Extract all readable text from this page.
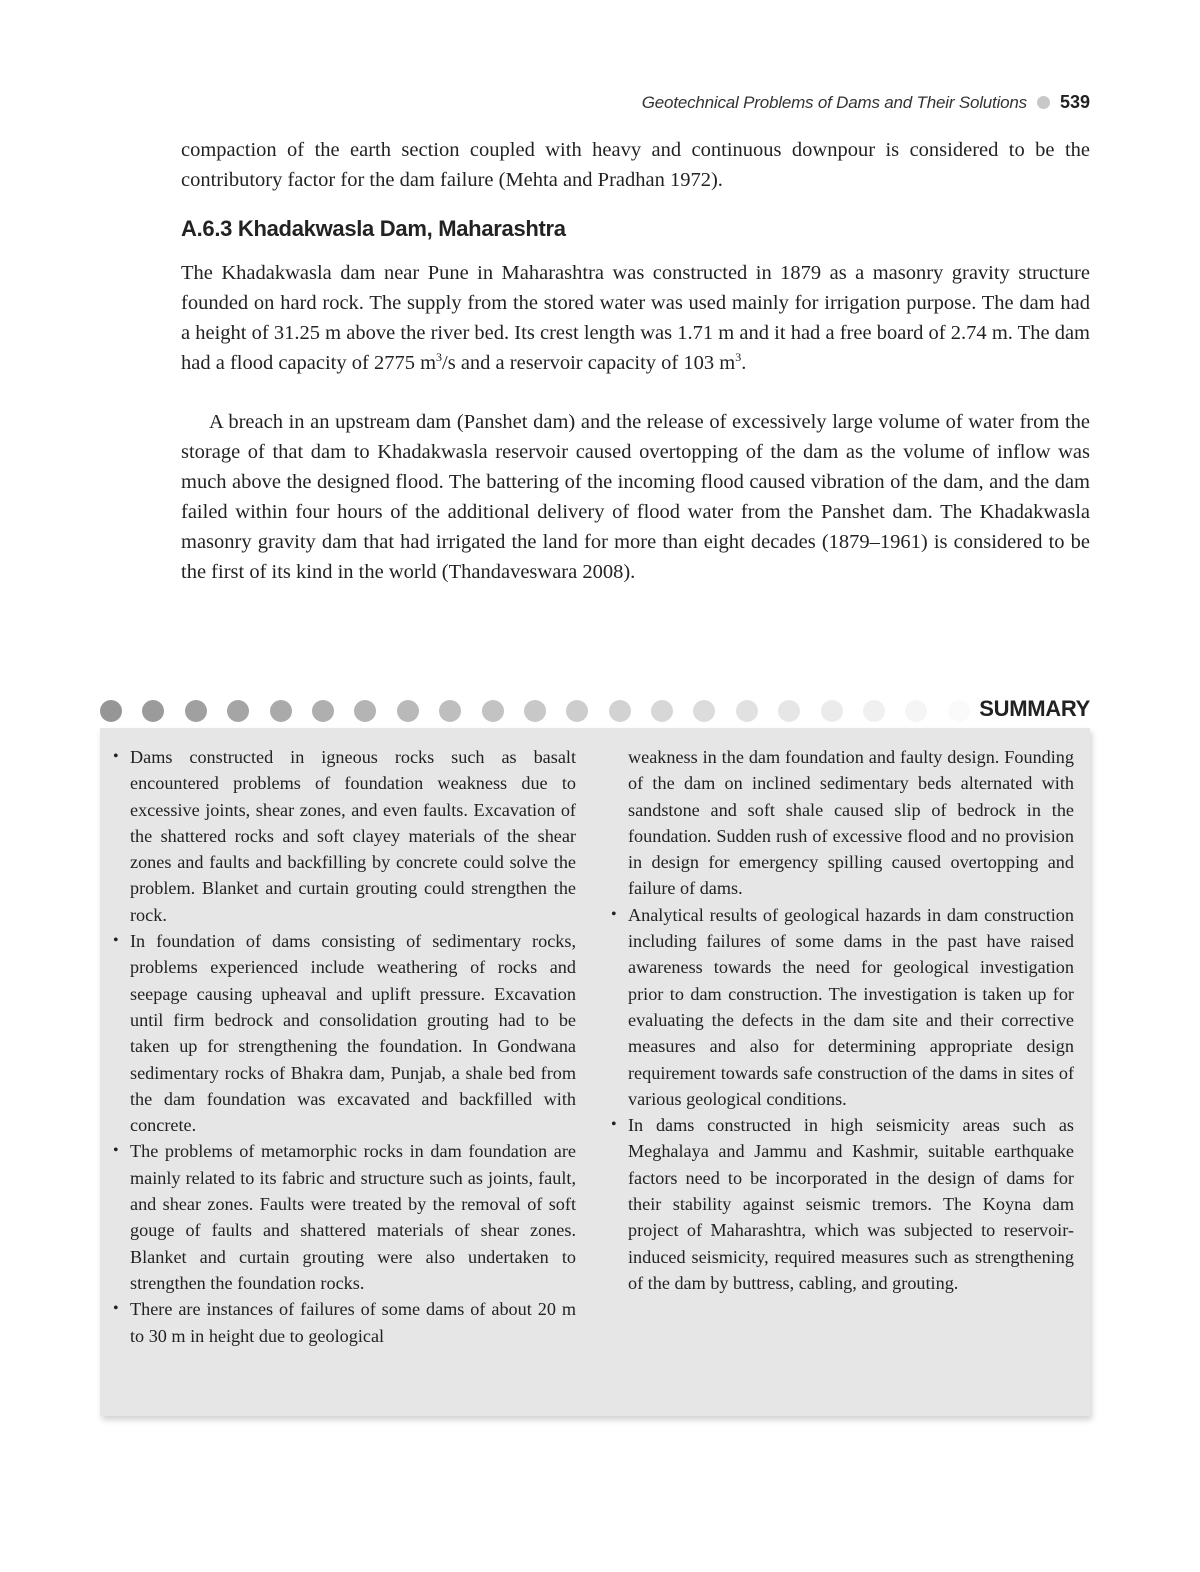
Geotechnical Problems of Dams and Their Solutions 539

compaction of the earth section coupled with heavy and continuous downpour is considered to be the contributory factor for the dam failure (Mehta and Pradhan 1972).

A.6.3 Khadakwasla Dam, Maharashtra

The Khadakwasla dam near Pune in Maharashtra was constructed in 1879 as a masonry gravity structure founded on hard rock. The supply from the stored water was used mainly for irrigation purpose. The dam had a height of 31.25 m above the river bed. Its crest length was 1.71 m and it had a free board of 2.74 m. The dam had a flood capacity of 2775 $m^3/s$ and a reservoir capacity of 103 $m^3$.

A breach in an upstream dam (Panshet dam) and the release of excessively large volume of water from the storage of that dam to Khadakwasla reservoir caused overtopping of the dam as the volume of inflow was much above the designed flood. The battering of the incoming flood caused vibration of the dam, and the dam failed within four hours of the additional delivery of flood water from the Panshet dam. The Khadakwasla masonry gravity dam that had irrigated the land for more than eight decades (1879–1961) is considered to be the first of its kind in the world (Thandaveswara 2008).

SUMMARY
• Dams constructed in igneous rocks such as basalt encountered problems of foundation weakness due to excessive joints, shear zones, and even faults. Excavation of the shattered rocks and soft clayey materials of the shear zones and faults and backfilling by concrete could solve the problem. Blanket and curtain grouting could strengthen the rock.
• In foundation of dams consisting of sedimentary rocks, problems experienced include weathering of rocks and seepage causing upheaval and uplift pressure. Excavation until firm bedrock and consolidation grouting had to be taken up for strengthening the foundation. In Gondwana sedimentary rocks of Bhakra dam, Punjab, a shale bed from the dam foundation was excavated and backfilled with concrete.
• The problems of metamorphic rocks in dam foundation are mainly related to its fabric and structure such as joints, fault, and shear zones. Faults were treated by the removal of soft gouge of faults and shattered materials of shear zones. Blanket and curtain grouting were also undertaken to strengthen the foundation rocks.
• There are instances of failures of some dams of about 20 m to 30 m in height due to geological
weakness in the dam foundation and faulty design. Founding of the dam on inclined sedimentary beds alternated with sandstone and soft shale caused slip of bedrock in the foundation. Sudden rush of excessive flood and no provision in design for emergency spilling caused overtopping and failure of dams.
• Analytical results of geological hazards in dam construction including failures of some dams in the past have raised awareness towards the need for geological investigation prior to dam construction. The investigation is taken up for evaluating the defects in the dam site and their corrective measures and also for determining appropriate design requirement towards safe construction of the dams in sites of various geological conditions.
• In dams constructed in high seismicity areas such as Meghalaya and Jammu and Kashmir, suitable earthquake factors need to be incorporated in the design of dams for their stability against seismic tremors. The Koyna dam project of Maharashtra, which was subjected to reservoir-induced seismicity, required measures such as strengthening of the dam by buttress, cabling, and grouting.
